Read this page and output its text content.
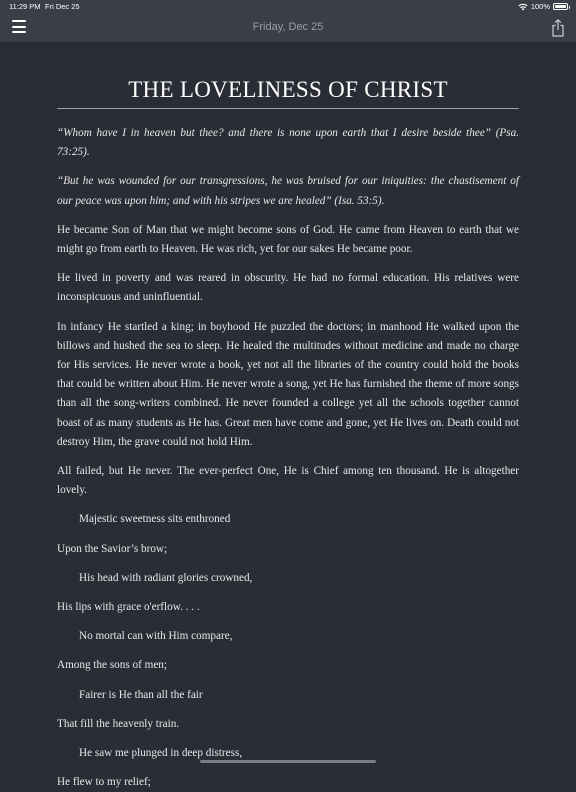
11:29 PM Fri Dec 25	100%
Friday, Dec 25
THE LOVELINESS OF CHRIST

“Whom have I in heaven but thee? and there is none upon earth that I desire beside thee” (Psa. 73:25).

“But he was wounded for our transgressions, he was bruised for our iniquities: the chastisement of our peace was upon him; and with his stripes we are healed” (Isa. 53:5).

He became Son of Man that we might become sons of God. He came from Heaven to earth that we might go from earth to Heaven. He was rich, yet for our sakes He became poor.

He lived in poverty and was reared in obscurity. He had no formal education. His relatives were inconspicuous and uninfluential.

In infancy He startled a king; in boyhood He puzzled the doctors; in manhood He walked upon the billows and hushed the sea to sleep. He healed the multitudes without medicine and made no charge for His services. He never wrote a book, yet not all the libraries of the country could hold the books that could be written about Him. He never wrote a song, yet He has furnished the theme of more songs than all the song-writers combined. He never founded a college yet all the schools together cannot boast of as many students as He has. Great men have come and gone, yet He lives on. Death could not destroy Him, the grave could not hold Him.

All failed, but He never. The ever-perfect One, He is Chief among ten thousand. He is altogether lovely.

Majestic sweetness sits enthroned

Upon the Savior’s brow;

His head with radiant glories crowned,

His lips with grace o'erflow. . . .

No mortal can with Him compare,

Among the sons of men;

Fairer is He than all the fair

That fill the heavenly train.

He saw me plunged in deep distress,

He flew to my relief;
